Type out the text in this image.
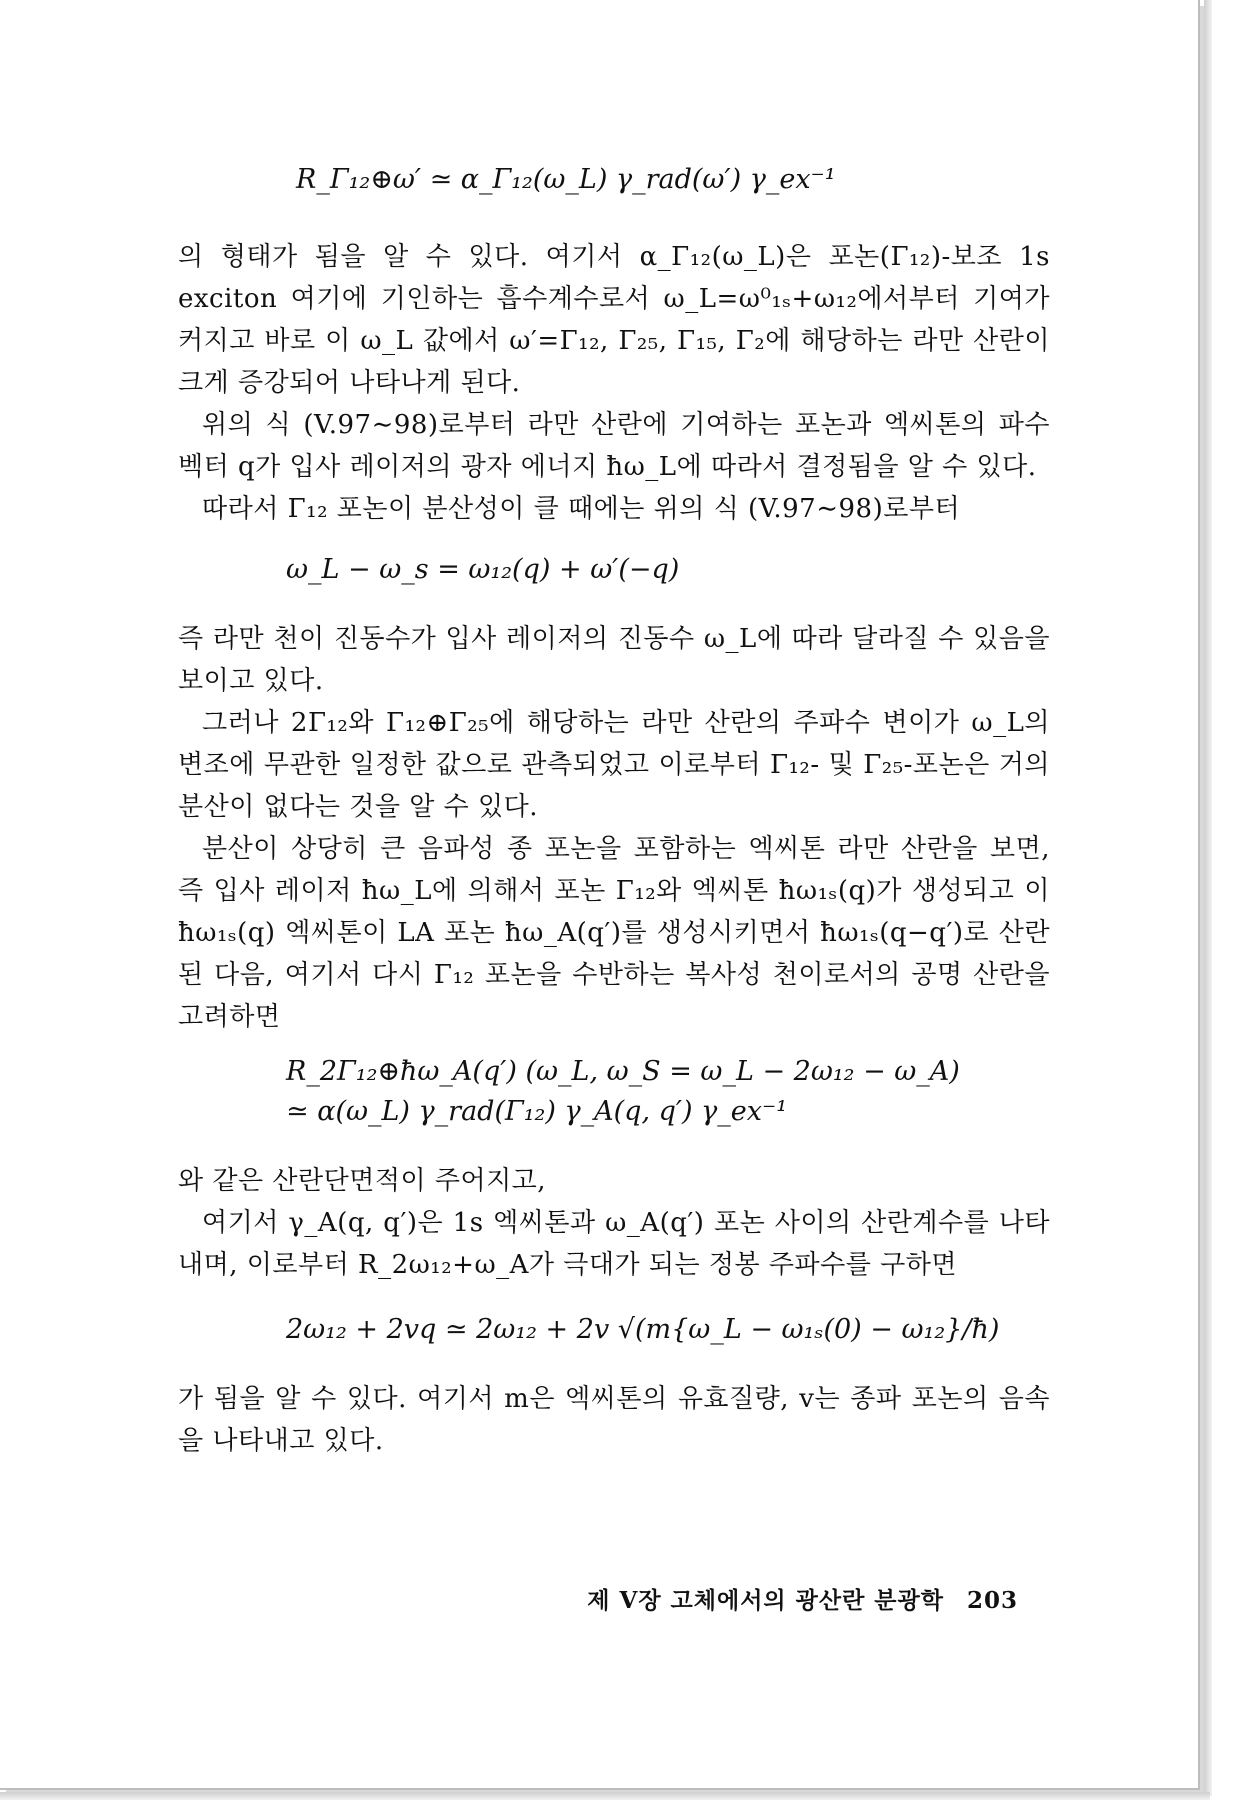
R_Γ₁₂⊕ω′ ≃ α_Γ₁₂(ω_L) γ_rad(ω′) γ_ex⁻¹

의 형태가 됨을 알 수 있다. 여기서 α_Γ₁₂(ω_L)은 포논(Γ₁₂)-보조 1s exciton 여기에 기인하는 흡수계수로서 ω_L=ω⁰₁ₛ+ω₁₂에서부터 기여가 커지고 바로 이 ω_L 값에서 ω′=Γ₁₂, Γ₂₅, Γ₁₅, Γ₂에 해당하는 라만 산란이 크게 증강되어 나타나게 된다.

위의 식 (V.97∼98)로부터 라만 산란에 기여하는 포논과 엑씨톤의 파수 벡터 q가 입사 레이저의 광자 에너지 ħω_L에 따라서 결정됨을 알 수 있다.

따라서 Γ₁₂ 포논이 분산성이 클 때에는 위의 식 (V.97∼98)로부터

ω_L − ω_s = ω₁₂(q) + ω′(−q)

즉 라만 천이 진동수가 입사 레이저의 진동수 ω_L에 따라 달라질 수 있음을 보이고 있다.

그러나 2Γ₁₂와 Γ₁₂⊕Γ₂₅에 해당하는 라만 산란의 주파수 변이가 ω_L의 변조에 무관한 일정한 값으로 관측되었고 이로부터 Γ₁₂- 및 Γ₂₅-포논은 거의 분산이 없다는 것을 알 수 있다.

분산이 상당히 큰 음파성 종 포논을 포함하는 엑씨톤 라만 산란을 보면, 즉 입사 레이저 ħω_L에 의해서 포논 Γ₁₂와 엑씨톤 ħω₁ₛ(q)가 생성되고 이 ħω₁ₛ(q) 엑씨톤이 LA 포논 ħω_A(q′)를 생성시키면서 ħω₁ₛ(q−q′)로 산란된 다음, 여기서 다시 Γ₁₂ 포논을 수반하는 복사성 천이로서의 공명 산란을 고려하면

R_2Γ₁₂⊕ħω_A(q′) (ω_L, ω_S = ω_L − 2ω₁₂ − ω_A)
≃ α(ω_L) γ_rad(Γ₁₂) γ_A(q, q′) γ_ex⁻¹

와 같은 산란단면적이 주어지고,

여기서 γ_A(q, q′)은 1s 엑씨톤과 ω_A(q′) 포논 사이의 산란계수를 나타내며, 이로부터 R_2ω₁₂+ω_A가 극대가 되는 정봉 주파수를 구하면

2ω₁₂ + 2vq ≃ 2ω₁₂ + 2v √(m{ω_L − ω₁ₛ(0) − ω₁₂}/ħ)

가 됨을 알 수 있다. 여기서 m은 엑씨톤의 유효질량, v는 종파 포논의 음속을 나타내고 있다.

제 V장 고체에서의 광산란 분광학 203
